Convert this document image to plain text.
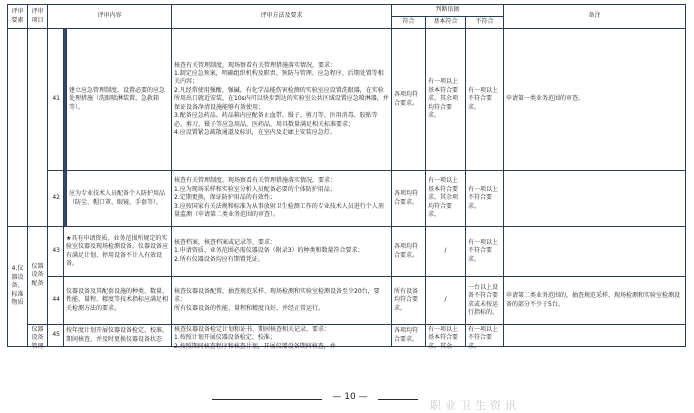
评审要素	评审项目	评审内容			评审方法及要求	判断依据			备注
						符合	基本符合	不符合	
		41		建立应急管理制度，设置必要的应急处理措施（洗眼喷淋装置、急救箱等）。	核查有关管理制度，现场察看有关管理措施落实情况，要求：
1.制定应急预案，明确组织机构及职责、预防与管理、应急程序、后期处置等相关内容；
2.凡经常使用强酸、强碱，有化学品能伤害检测的实验室应设置洗眼器，在实验所用出口就近安装，在10s内可以快步到达的实验室公共区域设置应急喷淋器，并保证设备净清设施能够有效使用；
3.配备应急药品、药品箱内应配备止血带、镊子、剪刀等、医用消毒、胶贴等必、剪刀、镊子等应急用品、医药品、用具数量满足相关标准要求；
4.应设置紧急疏散通道及标识，在室内及走廊上安装应急灯。	各项均符合要求。	有一项以上基本符合要求，其余项均符合要求。	有一项以上不符合要求。	申请第一类业务范围的审查。
		42		应为专业技术人员配备个人防护用品（防尘、帽口罩、眼镜、手套等）。	核查有关管理制度，现场察看有关管理措施落实情况，要求：
1.应为现场采样和实验室分析人员配备必要的个体防护用品；
2.定期更换，保证防护用品的有效性；
3.应按国家有关法规和标准为从事放射卫生检测工作的专业技术人员进行个人剂量监测（申请第二类业务范围的审查）。	各项均符合要求。	有一项以上基本符合要求，其余项均符合要求。	有一项以上不符合要求。	
4.仪器设备、标准物质	仪器设备配备	43	★具有申请资质、业务范围所规定的实验室仪器及现场检测设备，仪器设备应有满足计划、停用设备不计入有效设备。		核查档案，核查档案或记录等，要求：
1.申请资质、业务范围必需仪器设备（附录3）的种类和数量符合要求；
2.所有仪器设备均应有期置凭证。	各项均符合要求。	/	有一项以上不符合要求。	
		44	仪器设备及其配套设施的种类、数量、性能、量程、精度等技术指标应满足相关检测方法的要求。		核查仪器设备配置，抽查规范采样、现场检测和实验室检测设备至少20台，要求：
所有仪器设备的性能、量程和精度良好，并经正常运行。	所有设备均符合要求。	/	一台以上设备不符合要求或未按运行指标的。	申请第二类业务范围的，抽查规范采样、现场检测和实验室检测设备的部分不少于5台。

	仪器设备管理	45	按年度计划开展仪器设备检定、校准，期间核查，并及时更换仪器设备状态		核查仪器设备检定计划和证书、期间核查相关记录，要求：
1.按照计划开展仪器设备检定、校准；
2.按照期间核查程序和核查计划，开展仪器设备期间核查，并	各项均符合要求。	有一项以上基本符合要求，其余	有一项以上不符合要求。	

— 10 —
职业卫生资讯
